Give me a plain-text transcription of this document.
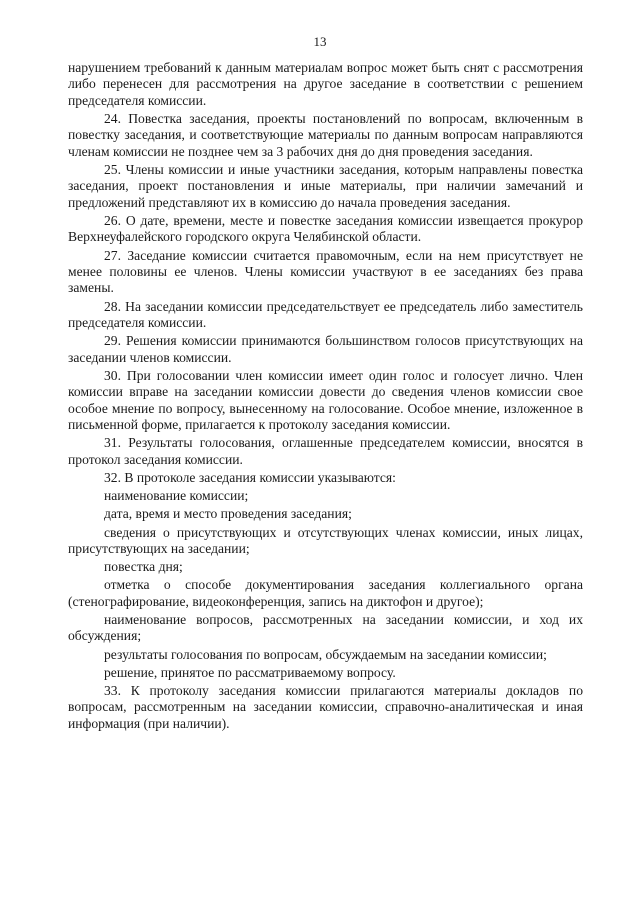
13

нарушением требований к данным материалам вопрос может быть снят с рассмотрения либо перенесен для рассмотрения на другое заседание в соответствии с решением председателя комиссии.

24. Повестка заседания, проекты постановлений по вопросам, включенным в повестку заседания, и соответствующие материалы по данным вопросам направляются членам комиссии не позднее чем за 3 рабочих дня до дня проведения заседания.

25. Члены комиссии и иные участники заседания, которым направлены повестка заседания, проект постановления и иные материалы, при наличии замечаний и предложений представляют их в комиссию до начала проведения заседания.

26. О дате, времени, месте и повестке заседания комиссии извещается прокурор Верхнеуфалейского городского округа Челябинской области.

27. Заседание комиссии считается правомочным, если на нем присутствует не менее половины ее членов. Члены комиссии участвуют в ее заседаниях без права замены.

28. На заседании комиссии председательствует ее председатель либо заместитель председателя комиссии.

29. Решения комиссии принимаются большинством голосов присутствующих на заседании членов комиссии.

30. При голосовании член комиссии имеет один голос и голосует лично. Член комиссии вправе на заседании комиссии довести до сведения членов комиссии свое особое мнение по вопросу, вынесенному на голосование. Особое мнение, изложенное в письменной форме, прилагается к протоколу заседания комиссии.

31. Результаты голосования, оглашенные председателем комиссии, вносятся в протокол заседания комиссии.

32. В протоколе заседания комиссии указываются:

наименование комиссии;

дата, время и место проведения заседания;

сведения о присутствующих и отсутствующих членах комиссии, иных лицах, присутствующих на заседании;

повестка дня;

отметка о способе документирования заседания коллегиального органа (стенографирование, видеоконференция, запись на диктофон и другое);

наименование вопросов, рассмотренных на заседании комиссии, и ход их обсуждения;

результаты голосования по вопросам, обсуждаемым на заседании комиссии;

решение, принятое по рассматриваемому вопросу.

33. К протоколу заседания комиссии прилагаются материалы докладов по вопросам, рассмотренным на заседании комиссии, справочно-аналитическая и иная информация (при наличии).
